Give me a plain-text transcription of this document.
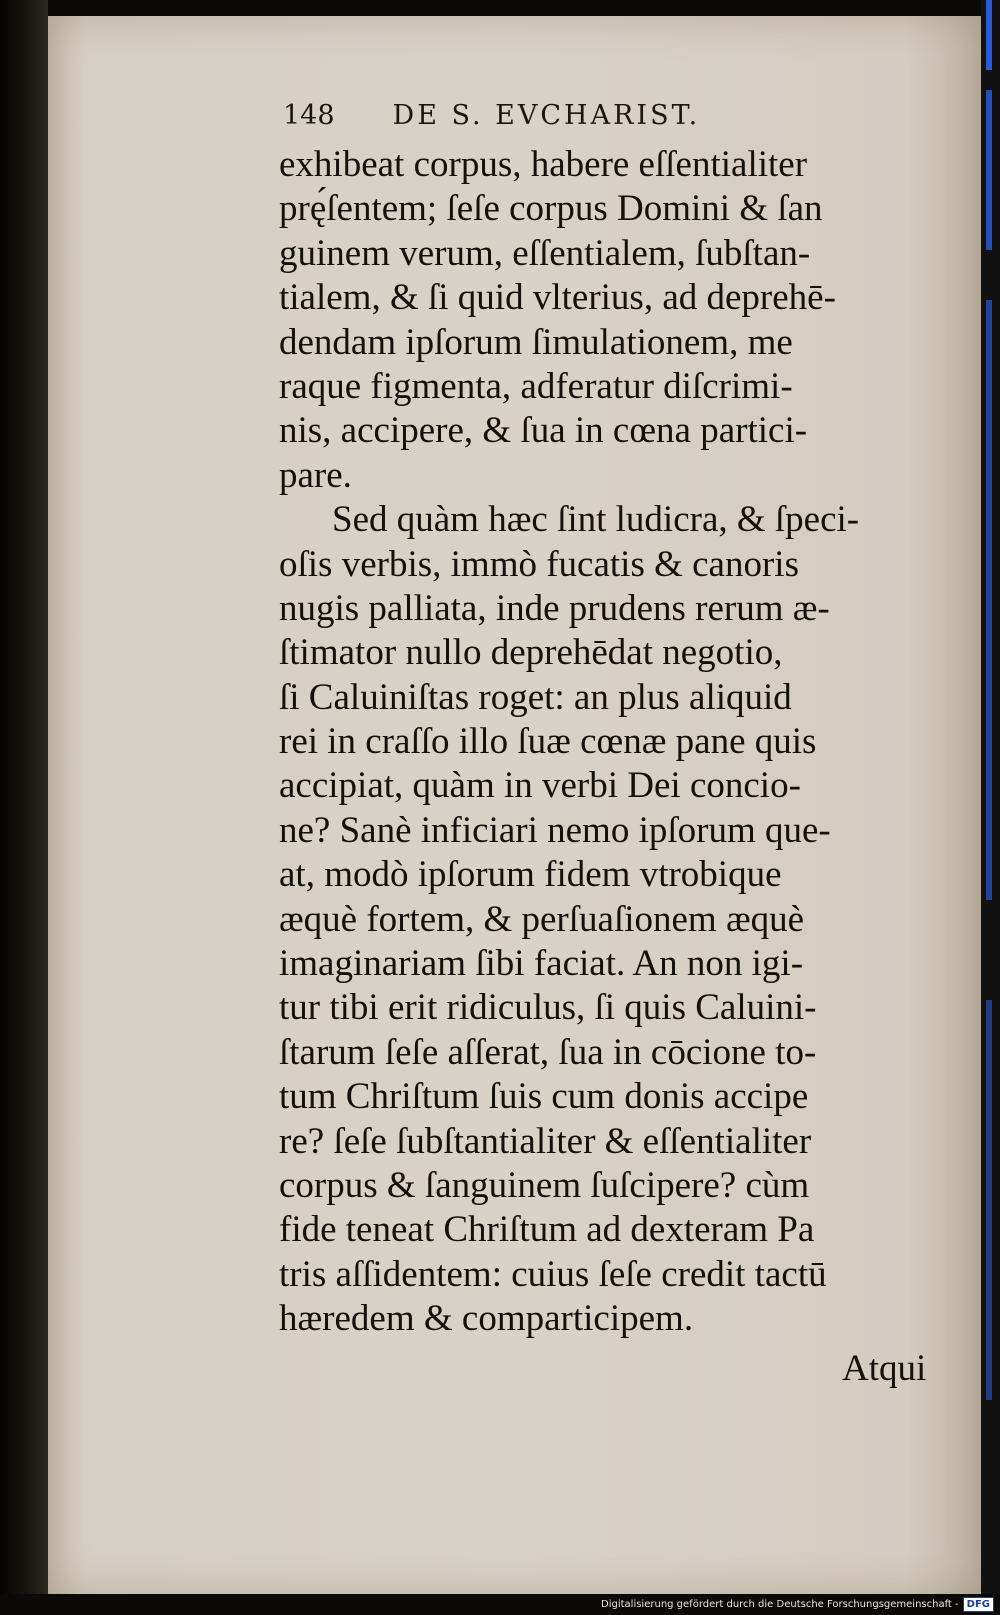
148 DE S. EVCHARIST.
exhibeat corpus, habere eſſentialiter
prę́ſentem; ſeſe corpus Domini & ſan
guinem verum, eſſentialem, ſubſtan-
tialem, & ſi quid vlterius, ad deprehē-
dendam ipſorum ſimulationem, me
raque figmenta, adferatur diſcrimi-
nis, accipere, & ſua in cœna partici-
pare.
Sed quàm hæc ſint ludicra, & ſpeci-
oſis verbis, immò fucatis & canoris
nugis palliata, inde prudens rerum æ-
ſtimator nullo deprehēdat negotio,
ſi Caluiniſtas roget: an plus aliquid
rei in craſſo illo ſuæ cœnæ pane quis
accipiat, quàm in verbi Dei concio-
ne? Sanè inficiari nemo ipſorum que-
at, modò ipſorum fidem vtrobique
æquè fortem, & perſuaſionem æquè
imaginariam ſibi faciat. An non igi-
tur tibi erit ridiculus, ſi quis Caluini-
ſtarum ſeſe aſſerat, ſua in cōcione to-
tum Chriſtum ſuis cum donis accipe
re? ſeſe ſubſtantialiter & eſſentialiter
corpus & ſanguinem ſuſcipere? cùm
fide teneat Chriſtum ad dexteram Pa
tris aſſidentem: cuius ſeſe credit tactū
hæredem & comparticipem.
Atqui
Digitalisierung gefördert durch die Deutsche Forschungsgemeinschaft - DFG
